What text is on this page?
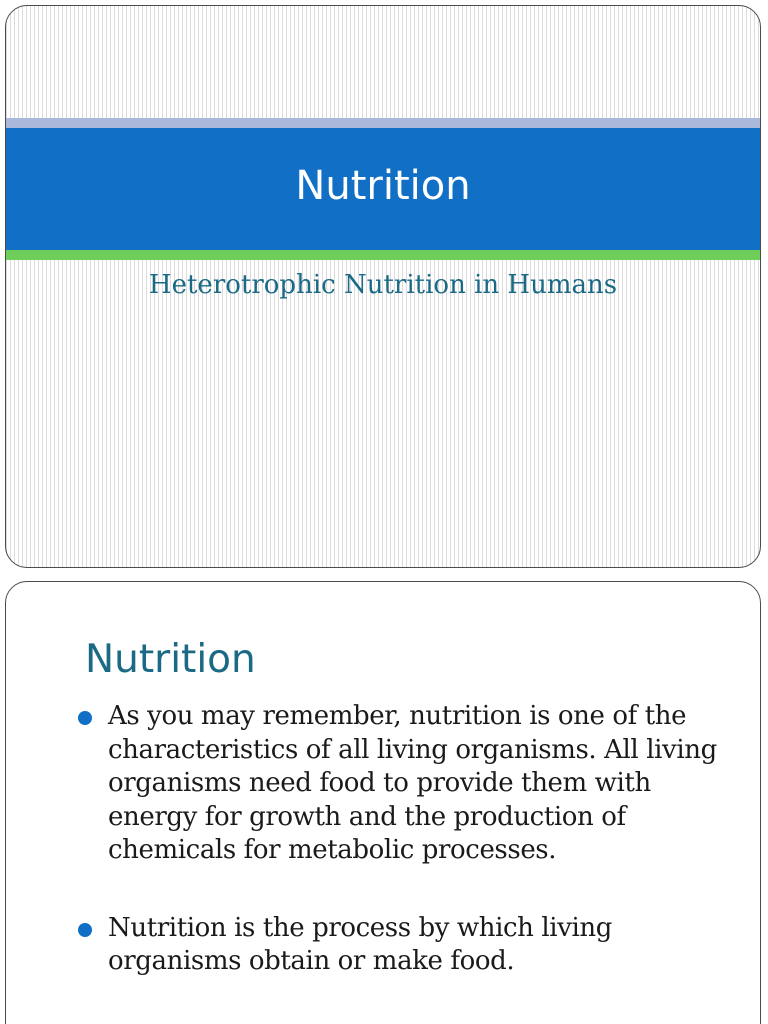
Nutrition

Heterotrophic Nutrition in Humans

Nutrition
As you may remember, nutrition is one of the characteristics of all living organisms. All living organisms need food to provide them with energy for growth and the production of chemicals for metabolic processes.
Nutrition is the process by which living organisms obtain or make food.
